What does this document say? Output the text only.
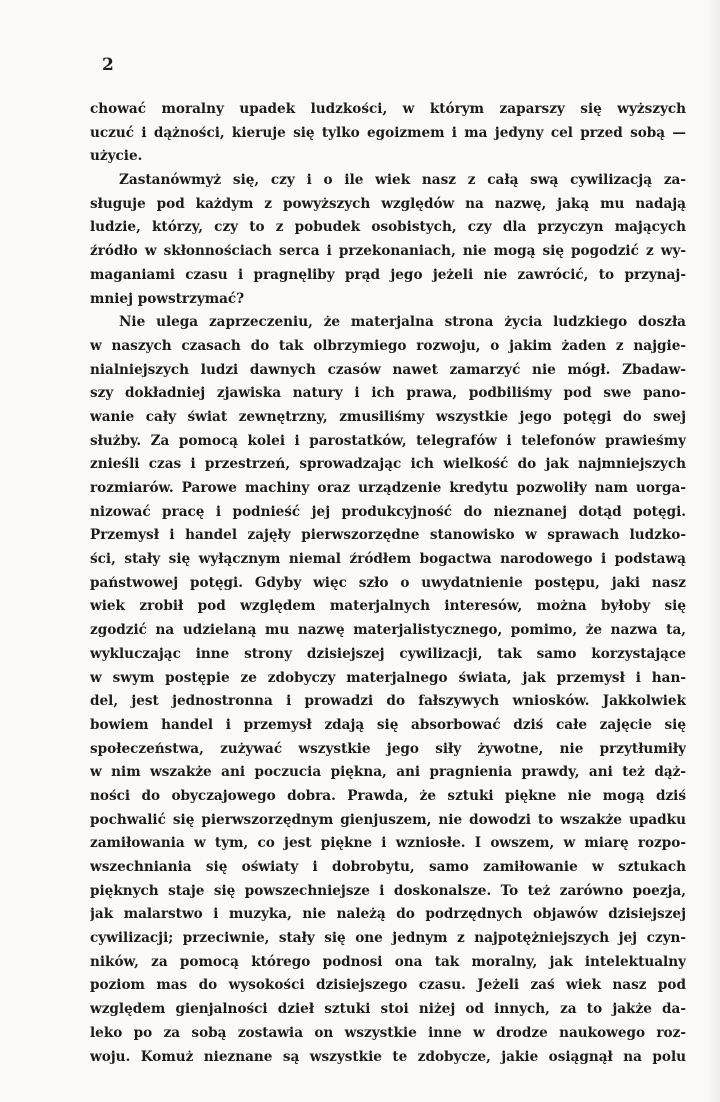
2

chować moralny upadek ludzkości, w którym zaparszy się wyższych
uczuć i dążności, kieruje się tylko egoizmem i ma jedyny cel przed sobą —
użycie.
Zastanówmyż się, czy i o ile wiek nasz z całą swą cywilizacją za-
sługuje pod każdym z powyższych względów na nazwę, jaką mu nadają
ludzie, którzy, czy to z pobudek osobistych, czy dla przyczyn mających
źródło w skłonnościach serca i przekonaniach, nie mogą się pogodzić z wy-
maganiami czasu i pragnęliby prąd jego jeżeli nie zawrócić, to przynaj-
mniej powstrzymać?
Nie ulega zaprzeczeniu, że materjalna strona życia ludzkiego doszła
w naszych czasach do tak olbrzymiego rozwoju, o jakim żaden z najgie-
nialniejszych ludzi dawnych czasów nawet zamarzyć nie mógł. Zbadaw-
szy dokładniej zjawiska natury i ich prawa, podbiliśmy pod swe pano-
wanie cały świat zewnętrzny, zmusiliśmy wszystkie jego potęgi do swej
służby. Za pomocą kolei i parostatków, telegrafów i telefonów prawieśmy
znieśli czas i przestrzeń, sprowadzając ich wielkość do jak najmniejszych
rozmiarów. Parowe machiny oraz urządzenie kredytu pozwoliły nam uorga-
nizować pracę i podnieść jej produkcyjność do nieznanej dotąd potęgi.
Przemysł i handel zajęły pierwszorzędne stanowisko w sprawach ludzko-
ści, stały się wyłącznym niemal źródłem bogactwa narodowego i podstawą
państwowej potęgi. Gdyby więc szło o uwydatnienie postępu, jaki nasz
wiek zrobił pod względem materjalnych interesów, można byłoby się
zgodzić na udzielaną mu nazwę materjalistycznego, pomimo, że nazwa ta,
wykluczając inne strony dzisiejszej cywilizacji, tak samo korzystające
w swym postępie ze zdobyczy materjalnego świata, jak przemysł i han-
del, jest jednostronna i prowadzi do fałszywych wniosków. Jakkolwiek
bowiem handel i przemysł zdają się absorbować dziś całe zajęcie się
społeczeństwa, zużywać wszystkie jego siły żywotne, nie przytłumiły
w nim wszakże ani poczucia piękna, ani pragnienia prawdy, ani też dąż-
ności do obyczajowego dobra. Prawda, że sztuki piękne nie mogą dziś
pochwalić się pierwszorzędnym gienjuszem, nie dowodzi to wszakże upadku
zamiłowania w tym, co jest piękne i wzniosłe. I owszem, w miarę rozpo-
wszechniania się oświaty i dobrobytu, samo zamiłowanie w sztukach
pięknych staje się powszechniejsze i doskonalsze. To też zarówno poezja,
jak malarstwo i muzyka, nie należą do podrzędnych objawów dzisiejszej
cywilizacji; przeciwnie, stały się one jednym z najpotężniejszych jej czyn-
ników, za pomocą którego podnosi ona tak moralny, jak intelektualny
poziom mas do wysokości dzisiejszego czasu. Jeżeli zaś wiek nasz pod
względem gienjalności dzieł sztuki stoi niżej od innych, za to jakże da-
leko po za sobą zostawia on wszystkie inne w drodze naukowego roz-
woju. Komuż nieznane są wszystkie te zdobycze, jakie osiągnął na polu
